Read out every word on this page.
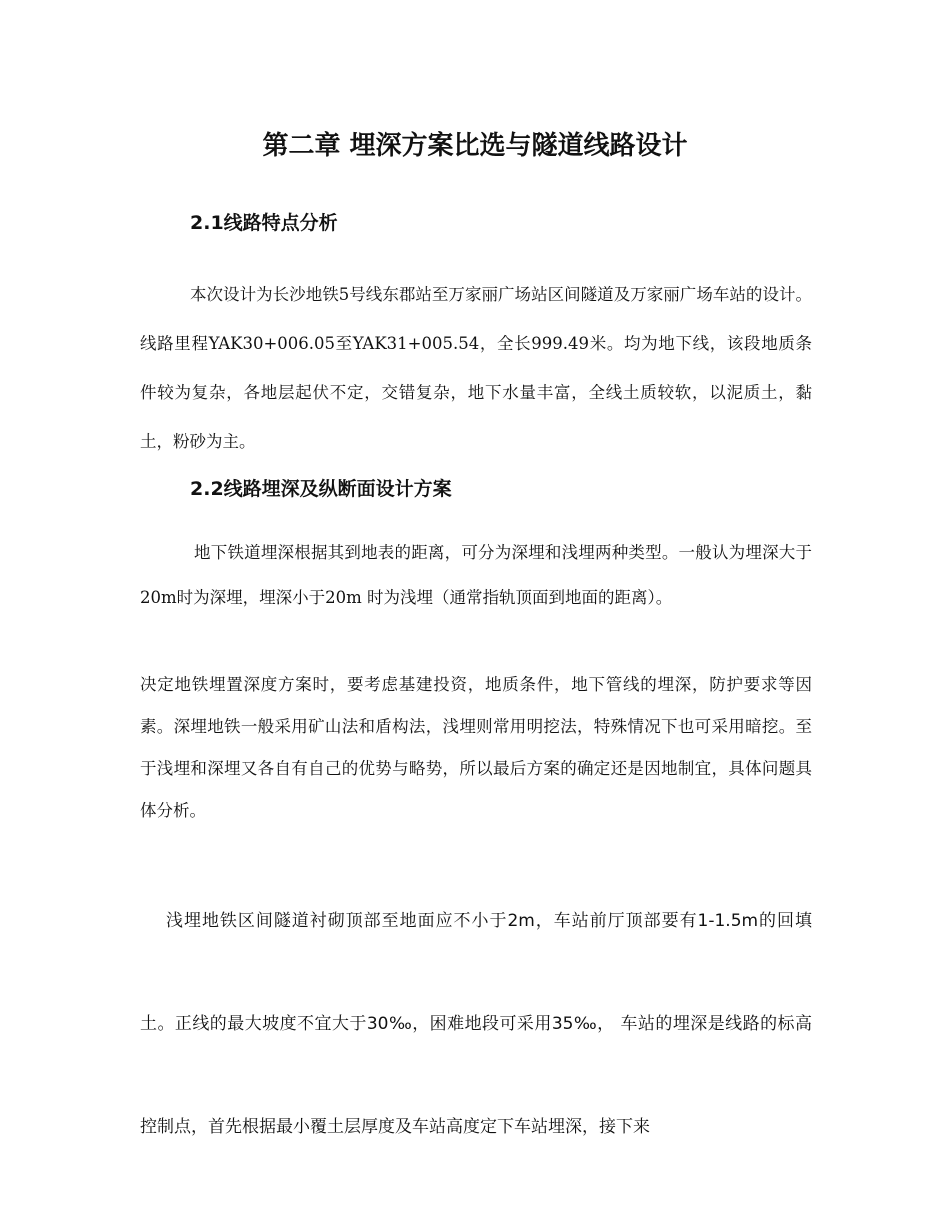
第二章 埋深方案比选与隧道线路设计
2.1线路特点分析

本次设计为长沙地铁5号线东郡站至万家丽广场站区间隧道及万家丽广场车站的设计。线路里程YAK30+006.05至YAK31+005.54，全长999.49米。均为地下线，该段地质条件较为复杂，各地层起伏不定，交错复杂，地下水量丰富，全线土质较软，以泥质土，黏土，粉砂为主。

2.2线路埋深及纵断面设计方案

地下铁道埋深根据其到地表的距离，可分为深埋和浅埋两种类型。一般认为埋深大于20m时为深埋，埋深小于20m 时为浅埋（通常指轨顶面到地面的距离）。

决定地铁埋置深度方案时，要考虑基建投资，地质条件，地下管线的埋深，防护要求等因素。深埋地铁一般采用矿山法和盾构法，浅埋则常用明挖法，特殊情况下也可采用暗挖。至于浅埋和深埋又各自有自己的优势与略势，所以最后方案的确定还是因地制宜，具体问题具体分析。

浅埋地铁区间隧道衬砌顶部至地面应不小于2m，车站前厅顶部要有1-1.5m的回填土。正线的最大坡度不宜大于30‰，困难地段可采用35‰， 车站的埋深是线路的标高控制点，首先根据最小覆土层厚度及车站高度定下车站埋深，接下来
